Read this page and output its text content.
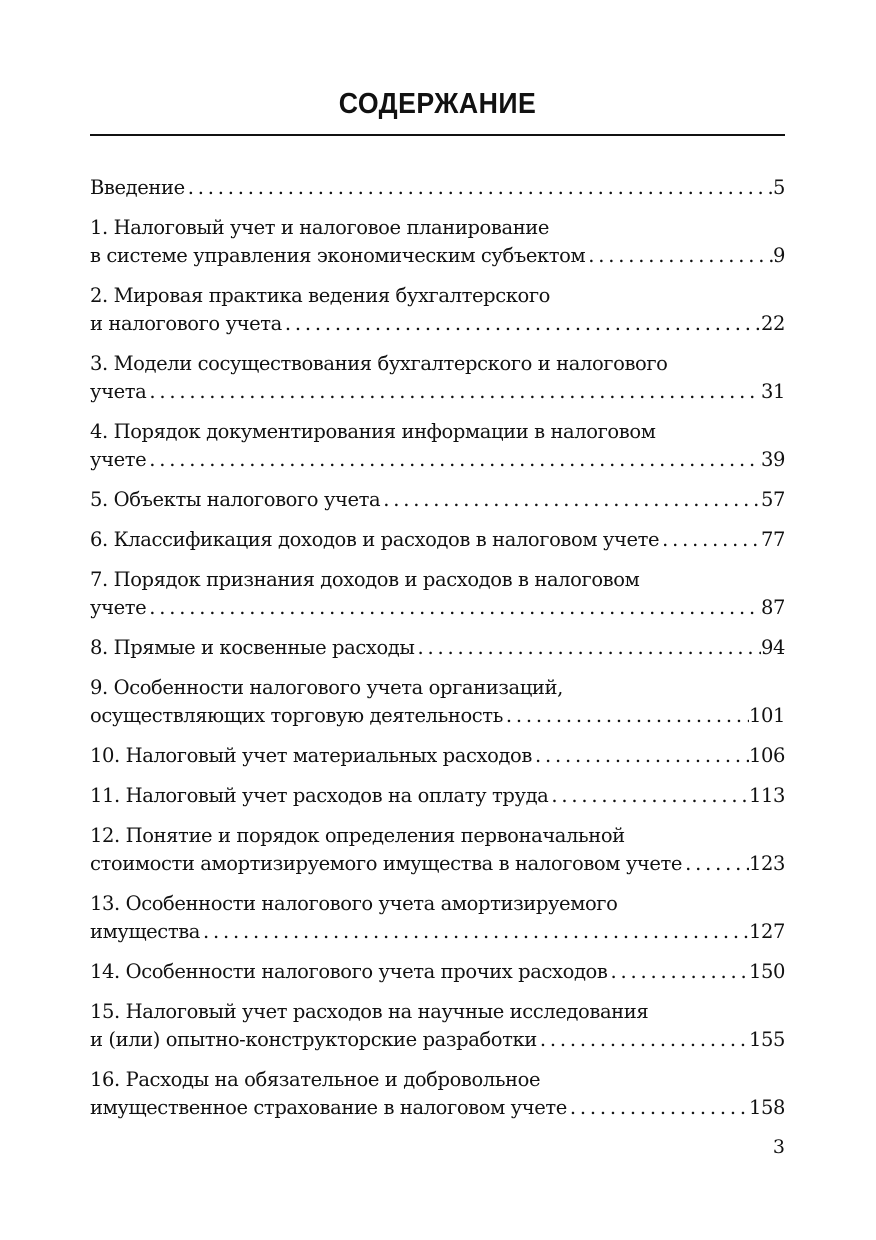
СОДЕРЖАНИЕ
Введение . . .	5
1. Налоговый учет и налоговое планирование
в системе управления экономическим субъектом . . .	9
2. Мировая практика ведения бухгалтерского
и налогового учета . . .	22
3. Модели сосуществования бухгалтерского и налогового
учета . . .	31
4. Порядок документирования информации в налоговом
учете . . .	39
5. Объекты налогового учета . . .	57
6. Классификация доходов и расходов в налоговом учете . . .	77
7. Порядок признания доходов и расходов в налоговом
учете . . .	87
8. Прямые и косвенные расходы . . .	94
9. Особенности налогового учета организаций,
осуществляющих торговую деятельность . . .	101
10. Налоговый учет материальных расходов . . .	106
11. Налоговый учет расходов на оплату труда . . .	113
12. Понятие и порядок определения первоначальной
стоимости амортизируемого имущества в налоговом учете . . .	123
13. Особенности налогового учета амортизируемого
имущества . . .	127
14. Особенности налогового учета прочих расходов . . .	150
15. Налоговый учет расходов на научные исследования
и (или) опытно-конструкторские разработки . . .	155
16. Расходы на обязательное и добровольное
имущественное страхование в налоговом учете . . .	158
3
